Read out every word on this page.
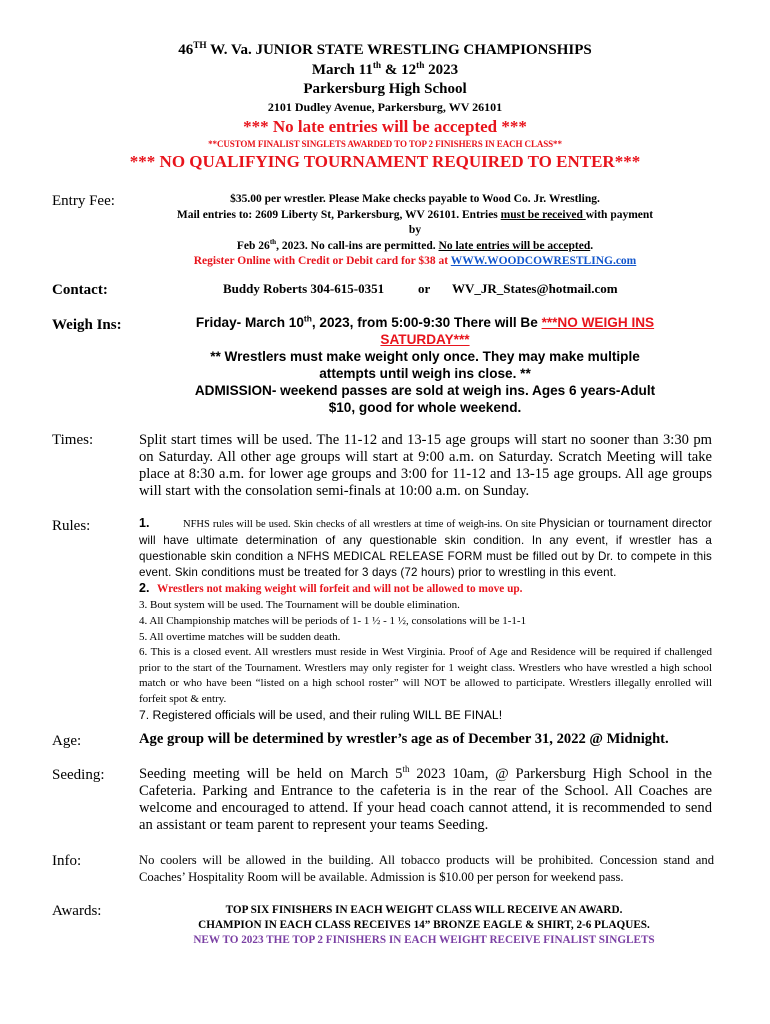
46TH W. Va. JUNIOR STATE WRESTLING CHAMPIONSHIPS
March 11th & 12th 2023
Parkersburg High School
2101 Dudley Avenue, Parkersburg, WV 26101
*** No late entries will be accepted ***
**CUSTOM FINALIST SINGLETS AWARDED TO TOP 2 FINISHERS IN EACH CLASS**
*** NO QUALIFYING TOURNAMENT REQUIRED TO ENTER***
Entry Fee:	$35.00 per wrestler. Please Make checks payable to Wood Co. Jr. Wrestling.
Mail entries to: 2609 Liberty St, Parkersburg, WV 26101. Entries must be received with payment
by
Feb 26th, 2023. No call-ins are permitted. No late entries will be accepted.
Register Online with Credit or Debit card for $38 at WWW.WOODCOWRESTLING.com
Contact:	Buddy Roberts 304-615-0351	or WV_JR_States@hotmail.com
Weigh Ins:	Friday- March 10th, 2023, from 5:00-9:30 There will Be ***NO WEIGH INS
SATURDAY***
** Wrestlers must make weight only once. They may make multiple
attempts until weigh ins close. **
ADMISSION- weekend passes are sold at weigh ins. Ages 6 years-Adult
$10, good for whole weekend.
Times:	Split start times will be used. The 11-12 and 13-15 age groups will start no sooner than 3:30 pm on Saturday. All other age groups will start at 9:00 a.m. on Saturday. Scratch Meeting will take place at 8:30 a.m. for lower age groups and 3:00 for 11-12 and 13-15 age groups. All age groups will start with the consolation semi-finals at 10:00 a.m. on Sunday.
Rules:	1.	NFHS rules will be used. Skin checks of all wrestlers at time of weigh-ins. On site Physician or tournament director will have ultimate determination of any questionable skin condition. In any event, if wrestler has a questionable skin condition a NFHS MEDICAL RELEASE FORM must be filled out by Dr. to compete in this event. Skin conditions must be treated for 3 days (72 hours) prior to wrestling in this event.
2. Wrestlers not making weight will forfeit and will not be allowed to move up.
3. Bout system will be used. The Tournament will be double elimination.
4. All Championship matches will be periods of 1- 1 ½ - 1 ½, consolations will be 1-1-1
5. All overtime matches will be sudden death.
6. This is a closed event. All wrestlers must reside in West Virginia. Proof of Age and Residence will be required if challenged prior to the start of the Tournament. Wrestlers may only register for 1 weight class. Wrestlers who have wrestled a high school match or who have been “listed on a high school roster” will NOT be allowed to participate. Wrestlers illegally enrolled will forfeit spot & entry.
7. Registered officials will be used, and their ruling WILL BE FINAL!
Age:	Age group will be determined by wrestler’s age as of December 31, 2022 @ Midnight.
Seeding: Seeding meeting will be held on March 5th 2023 10am, @ Parkersburg High School in the Cafeteria. Parking and Entrance to the cafeteria is in the rear of the School. All Coaches are welcome and encouraged to attend. If your head coach cannot attend, it is recommended to send an assistant or team parent to represent your teams Seeding.
Info:	No coolers will be allowed in the building. All tobacco products will be prohibited. Concession stand and Coaches’ Hospitality Room will be available. Admission is $10.00 per person for weekend pass.
Awards:	TOP SIX FINISHERS IN EACH WEIGHT CLASS WILL RECEIVE AN AWARD.
CHAMPION IN EACH CLASS RECEIVES 14” BRONZE EAGLE & SHIRT, 2-6 PLAQUES.
NEW TO 2023 THE TOP 2 FINISHERS IN EACH WEIGHT RECEIVE FINALIST SINGLETS
